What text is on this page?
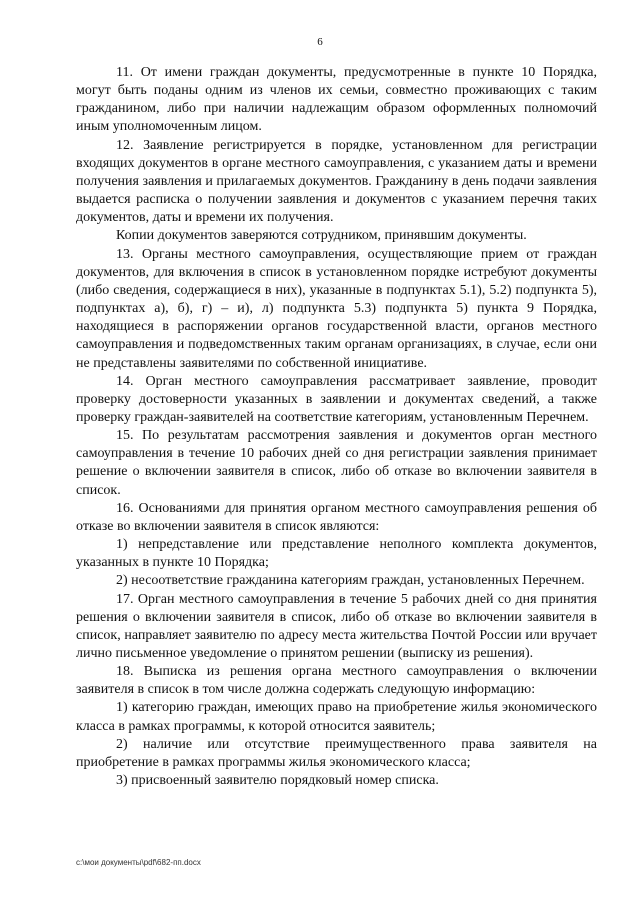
6

11. От имени граждан документы, предусмотренные в пункте 10 Порядка, могут быть поданы одним из членов их семьи, совместно проживающих с таким гражданином, либо при наличии надлежащим образом оформленных полномочий иным уполномоченным лицом.

12. Заявление регистрируется в порядке, установленном для регистрации входящих документов в органе местного самоуправления, с указанием даты и времени получения заявления и прилагаемых документов. Гражданину в день подачи заявления выдается расписка о получении заявления и документов с указанием перечня таких документов, даты и времени их получения.

Копии документов заверяются сотрудником, принявшим документы.

13. Органы местного самоуправления, осуществляющие прием от граждан документов, для включения в список в установленном порядке истребуют документы (либо сведения, содержащиеся в них), указанные в подпунктах 5.1), 5.2) подпункта 5), подпунктах а), б), г) – и), л) подпункта 5.3) подпункта 5) пункта 9 Порядка, находящиеся в распоряжении органов государственной власти, органов местного самоуправления и подведомственных таким органам организациях, в случае, если они не представлены заявителями по собственной инициативе.

14. Орган местного самоуправления рассматривает заявление, проводит проверку достоверности указанных в заявлении и документах сведений, а также проверку граждан-заявителей на соответствие категориям, установленным Перечнем.

15. По результатам рассмотрения заявления и документов орган местного самоуправления в течение 10 рабочих дней со дня регистрации заявления принимает решение о включении заявителя в список, либо об отказе во включении заявителя в список.

16. Основаниями для принятия органом местного самоуправления решения об отказе во включении заявителя в список являются:

1) непредставление или представление неполного комплекта документов, указанных в пункте 10 Порядка;

2) несоответствие гражданина категориям граждан, установленных Перечнем.

17. Орган местного самоуправления в течение 5 рабочих дней со дня принятия решения о включении заявителя в список, либо об отказе во включении заявителя в список, направляет заявителю по адресу места жительства Почтой России или вручает лично письменное уведомление о принятом решении (выписку из решения).

18. Выписка из решения органа местного самоуправления о включении заявителя в список в том числе должна содержать следующую информацию:

1) категорию граждан, имеющих право на приобретение жилья экономического класса в рамках программы, к которой относится заявитель;

2) наличие или отсутствие преимущественного права заявителя на приобретение в рамках программы жилья экономического класса;

3) присвоенный заявителю порядковый номер списка.

c:\мои документы\pdf\682-пп.docx
